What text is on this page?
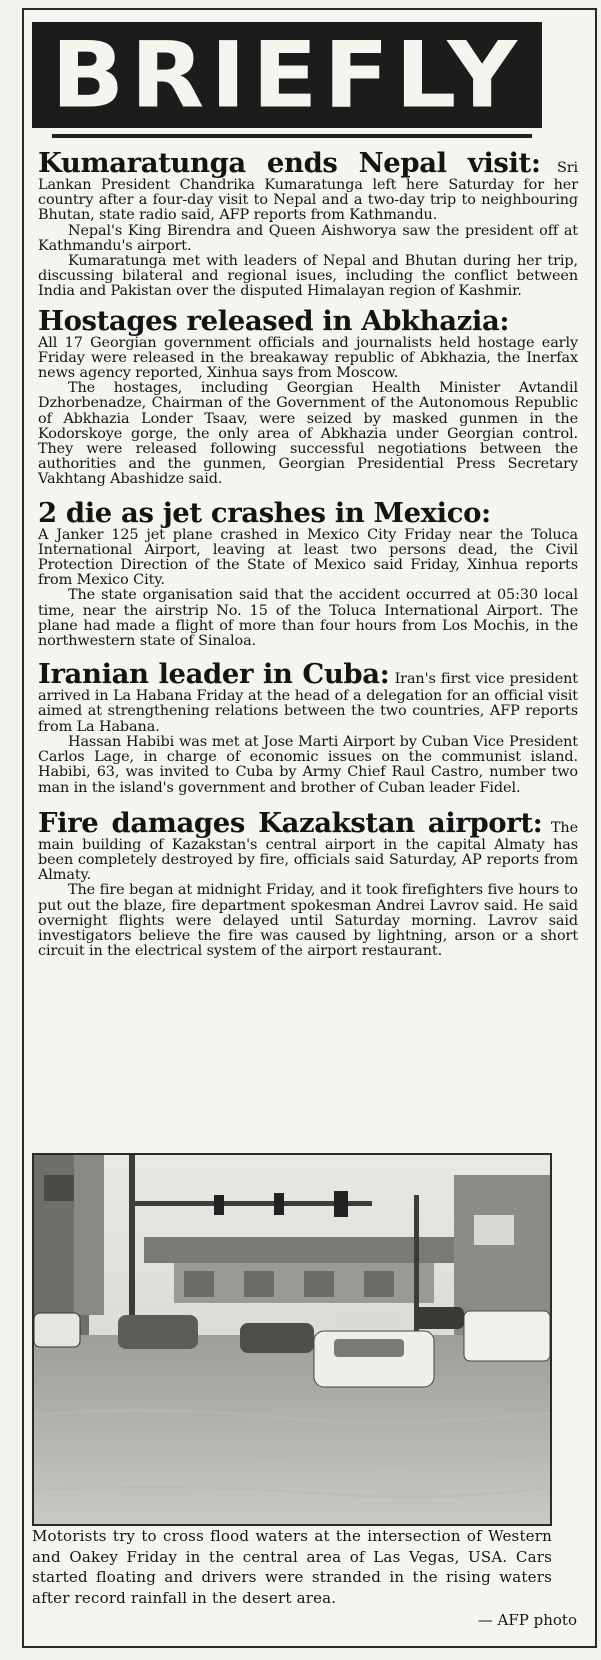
BRIEFLY

Kumaratunga ends Nepal visit: Sri Lankan President Chandrika Kumaratunga left here Saturday for her country after a four-day visit to Nepal and a two-day trip to neighbouring Bhutan, state radio said, AFP reports from Kathmandu.

Nepal's King Birendra and Queen Aishworya saw the president off at Kathmandu's airport.

Kumaratunga met with leaders of Nepal and Bhutan during her trip, discussing bilateral and regional isues, including the conflict between India and Pakistan over the disputed Himalayan region of Kashmir.

Hostages released in Abkhazia:

All 17 Georgian government officials and journalists held hostage early Friday were released in the breakaway republic of Abkhazia, the Inerfax news agency reported, Xinhua says from Moscow.

The hostages, including Georgian Health Minister Avtandil Dzhorbenadze, Chairman of the Government of the Autonomous Republic of Abkhazia Londer Tsaav, were seized by masked gunmen in the Kodorskoye gorge, the only area of Abkhazia under Georgian control. They were released following successful negotiations between the authorities and the gunmen, Georgian Presidential Press Secretary Vakhtang Abashidze said.

2 die as jet crashes in Mexico:

A Janker 125 jet plane crashed in Mexico City Friday near the Toluca International Airport, leaving at least two persons dead, the Civil Protection Direction of the State of Mexico said Friday, Xinhua reports from Mexico City.

The state organisation said that the accident occurred at 05:30 local time, near the airstrip No. 15 of the Toluca International Airport. The plane had made a flight of more than four hours from Los Mochis, in the northwestern state of Sinaloa.

Iranian leader in Cuba: Iran's first vice president arrived in La Habana Friday at the head of a delegation for an official visit aimed at strengthening relations between the two countries, AFP reports from La Habana.

Hassan Habibi was met at Jose Marti Airport by Cuban Vice President Carlos Lage, in charge of economic issues on the communist island. Habibi, 63, was invited to Cuba by Army Chief Raul Castro, number two man in the island's government and brother of Cuban leader Fidel.

Fire damages Kazakstan airport: The main building of Kazakstan's central airport in the capital Almaty has been completely destroyed by fire, officials said Saturday, AP reports from Almaty.

The fire began at midnight Friday, and it took firefighters five hours to put out the blaze, fire department spokesman Andrei Lavrov said. He said overnight flights were delayed until Saturday morning. Lavrov said investigators believe the fire was caused by lightning, arson or a short circuit in the electrical system of the airport restaurant.

Motorists try to cross flood waters at the intersection of Western and Oakey Friday in the central area of Las Vegas, USA. Cars started floating and drivers were stranded in the rising waters after record rainfall in the desert area.
— AFP photo
